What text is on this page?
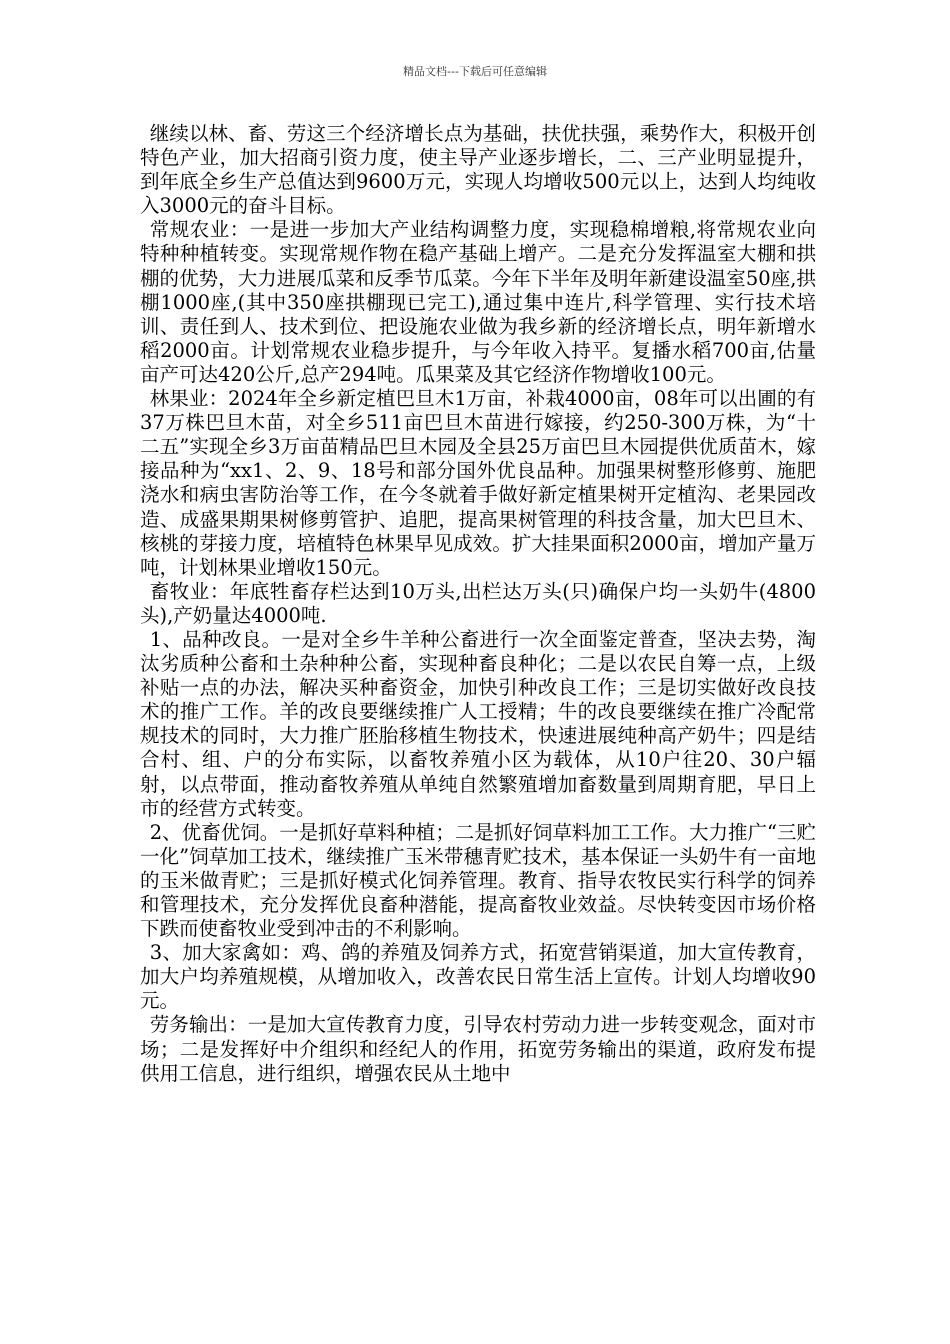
精品文档---下载后可任意编辑

继续以林、畜、劳这三个经济增长点为基础，扶优扶强，乘势作大，积极开创特色产业，加大招商引资力度，使主导产业逐步增长，二、三产业明显提升，到年底全乡生产总值达到9600万元，实现人均增收500元以上，达到人均纯收入3000元的奋斗目标。

常规农业：一是进一步加大产业结构调整力度，实现稳棉增粮,将常规农业向特种种植转变。实现常规作物在稳产基础上增产。二是充分发挥温室大棚和拱棚的优势，大力进展瓜菜和反季节瓜菜。今年下半年及明年新建设温室50座,拱棚1000座,(其中350座拱棚现已完工),通过集中连片,科学管理、实行技术培训、责任到人、技术到位、把设施农业做为我乡新的经济增长点，明年新增水稻2000亩。计划常规农业稳步提升，与今年收入持平。复播水稻700亩,估量亩产可达420公斤,总产294吨。瓜果菜及其它经济作物增收100元。

林果业：2024年全乡新定植巴旦木1万亩，补栽4000亩，08年可以出圃的有37万株巴旦木苗，对全乡511亩巴旦木苗进行嫁接，约250-300万株，为“十二五”实现全乡3万亩苗精品巴旦木园及全县25万亩巴旦木园提供优质苗木，嫁接品种为“xx1、2、9、18号和部分国外优良品种。加强果树整形修剪、施肥浇水和病虫害防治等工作，在今冬就着手做好新定植果树开定植沟、老果园改造、成盛果期果树修剪管护、追肥，提高果树管理的科技含量，加大巴旦木、核桃的芽接力度，培植特色林果早见成效。扩大挂果面积2000亩，增加产量万吨，计划林果业增收150元。

畜牧业：年底牲畜存栏达到10万头,出栏达万头(只)确保户均一头奶牛(4800头),产奶量达4000吨.

1、品种改良。一是对全乡牛羊种公畜进行一次全面鉴定普查，坚决去势，淘汰劣质种公畜和土杂种种公畜，实现种畜良种化；二是以农民自筹一点，上级补贴一点的办法，解决买种畜资金，加快引种改良工作；三是切实做好改良技术的推广工作。羊的改良要继续推广人工授精；牛的改良要继续在推广冷配常规技术的同时，大力推广胚胎移植生物技术，快速进展纯种高产奶牛；四是结合村、组、户的分布实际，以畜牧养殖小区为载体，从10户往20、30户辐射，以点带面，推动畜牧养殖从单纯自然繁殖增加畜数量到周期育肥，早日上市的经营方式转变。

2、优畜优饲。一是抓好草料种植；二是抓好饲草料加工工作。大力推广“三贮一化”饲草加工技术，继续推广玉米带穗青贮技术，基本保证一头奶牛有一亩地的玉米做青贮；三是抓好模式化饲养管理。教育、指导农牧民实行科学的饲养和管理技术，充分发挥优良畜种潜能，提高畜牧业效益。尽快转变因市场价格下跌而使畜牧业受到冲击的不利影响。

3、加大家禽如：鸡、鸽的养殖及饲养方式，拓宽营销渠道，加大宣传教育，加大户均养殖规模，从增加收入，改善农民日常生活上宣传。计划人均增收90元。

劳务输出：一是加大宣传教育力度，引导农村劳动力进一步转变观念，面对市场；二是发挥好中介组织和经纪人的作用，拓宽劳务输出的渠道，政府发布提供用工信息，进行组织，增强农民从土地中
